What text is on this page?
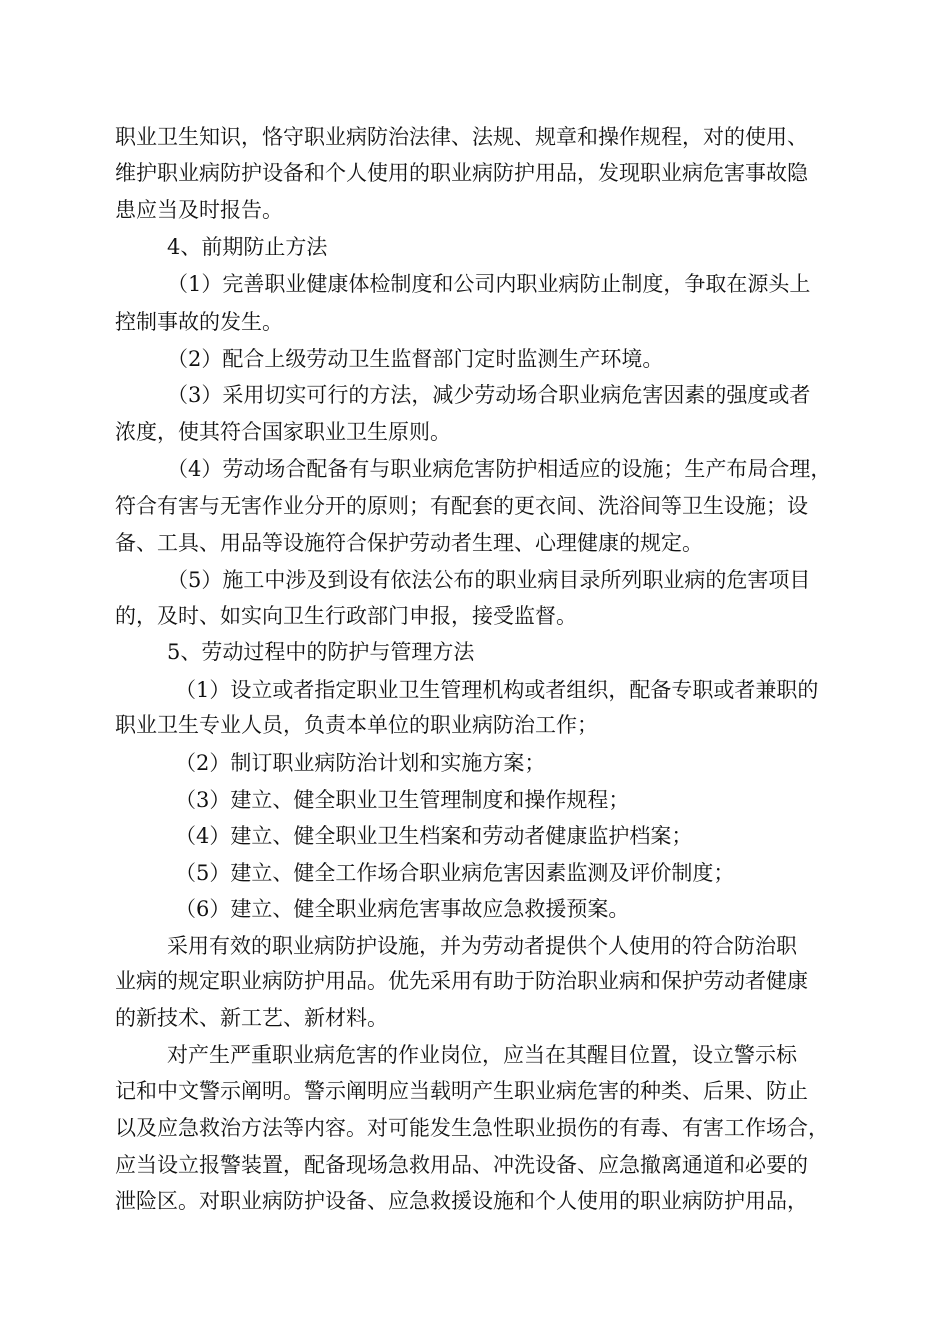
职业卫生知识，恪守职业病防治法律、法规、规章和操作规程，对的使用、
维护职业病防护设备和个人使用的职业病防护用品，发现职业病危害事故隐
患应当及时报告。
4、前期防止方法
（1）完善职业健康体检制度和公司内职业病防止制度，争取在源头上
控制事故的发生。
（2）配合上级劳动卫生监督部门定时监测生产环境。
（3）采用切实可行的方法，减少劳动场合职业病危害因素的强度或者
浓度，使其符合国家职业卫生原则。
（4）劳动场合配备有与职业病危害防护相适应的设施；生产布局合理，
符合有害与无害作业分开的原则；有配套的更衣间、洗浴间等卫生设施；设
备、工具、用品等设施符合保护劳动者生理、心理健康的规定。
（5）施工中涉及到设有依法公布的职业病目录所列职业病的危害项目
的，及时、如实向卫生行政部门申报，接受监督。
5、劳动过程中的防护与管理方法
（1）设立或者指定职业卫生管理机构或者组织，配备专职或者兼职的
职业卫生专业人员，负责本单位的职业病防治工作；
（2）制订职业病防治计划和实施方案；
（3）建立、健全职业卫生管理制度和操作规程；
（4）建立、健全职业卫生档案和劳动者健康监护档案；
（5）建立、健全工作场合职业病危害因素监测及评价制度；
（6）建立、健全职业病危害事故应急救援预案。
采用有效的职业病防护设施，并为劳动者提供个人使用的符合防治职
业病的规定职业病防护用品。优先采用有助于防治职业病和保护劳动者健康
的新技术、新工艺、新材料。
对产生严重职业病危害的作业岗位，应当在其醒目位置，设立警示标
记和中文警示阐明。警示阐明应当载明产生职业病危害的种类、后果、防止
以及应急救治方法等内容。对可能发生急性职业损伤的有毒、有害工作场合，
应当设立报警装置，配备现场急救用品、冲洗设备、应急撤离通道和必要的
泄险区。对职业病防护设备、应急救援设施和个人使用的职业病防护用品，
